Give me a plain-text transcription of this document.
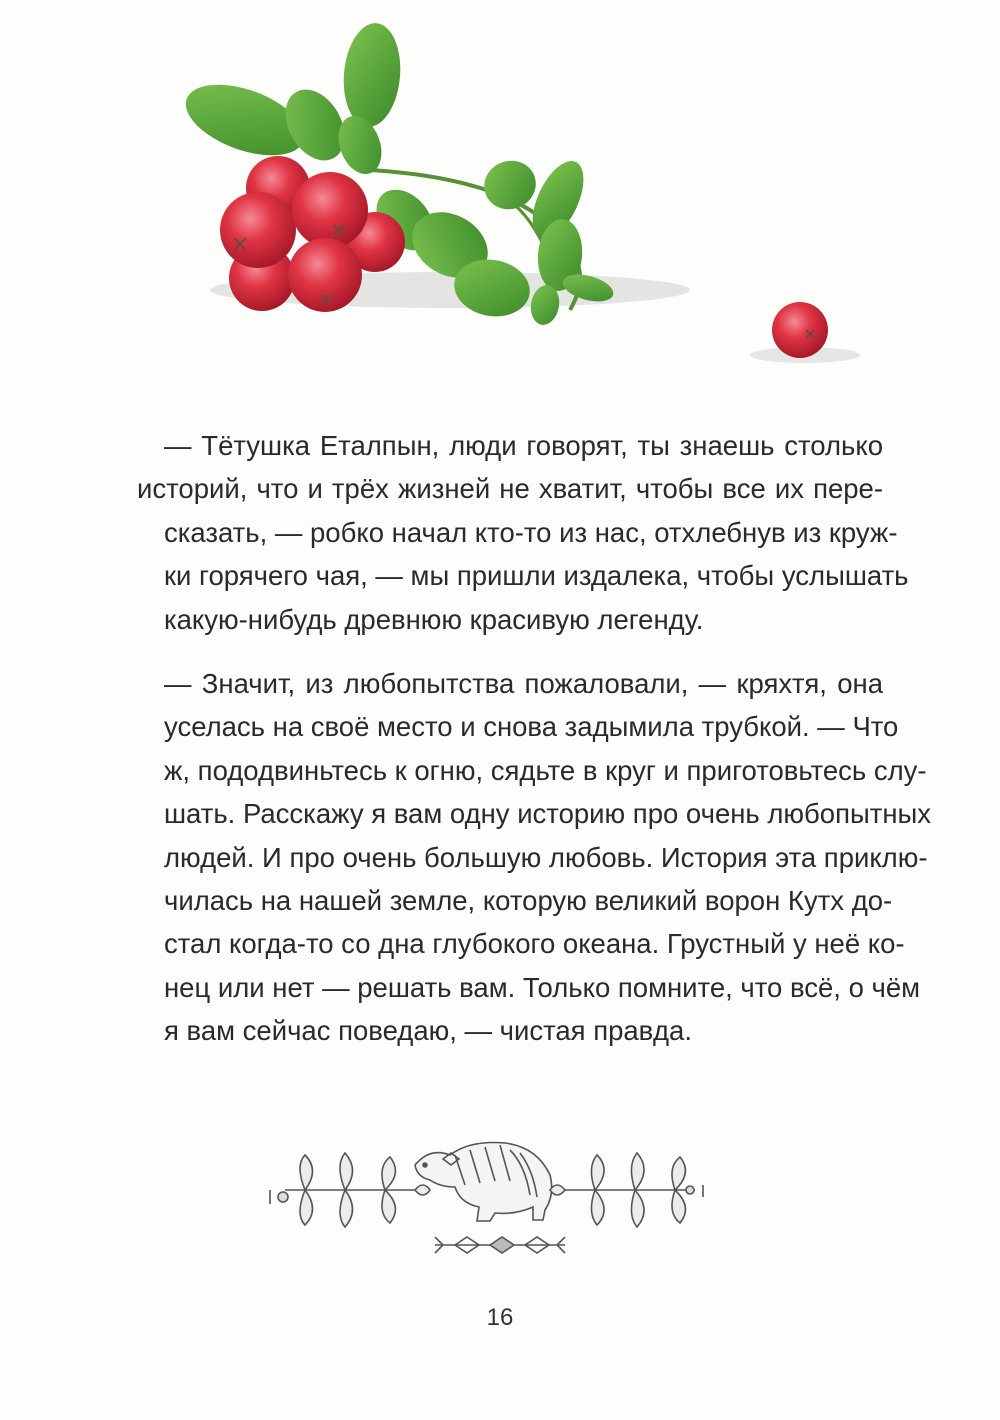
— Тётушка Еталпын, люди говорят, ты знаешь столько
историй, что и трёх жизней не хватит, чтобы все их пере-
сказать, — робко начал кто-то из нас, отхлебнув из круж-
ки горячего чая, — мы пришли издалека, чтобы услышать
какую-нибудь древнюю красивую легенду.

— Значит, из любопытства пожаловали, — кряхтя, она
уселась на своё место и снова задымила трубкой. — Что
ж, пододвиньтесь к огню, сядьте в круг и приготовьтесь слу-
шать. Расскажу я вам одну историю про очень любопытных
людей. И про очень большую любовь. История эта приклю-
чилась на нашей земле, которую великий ворон Кутх до-
стал когда-то со дна глубокого океана. Грустный у неё ко-
нец или нет — решать вам. Только помните, что всё, о чём
я вам сейчас поведаю, — чистая правда.

16
